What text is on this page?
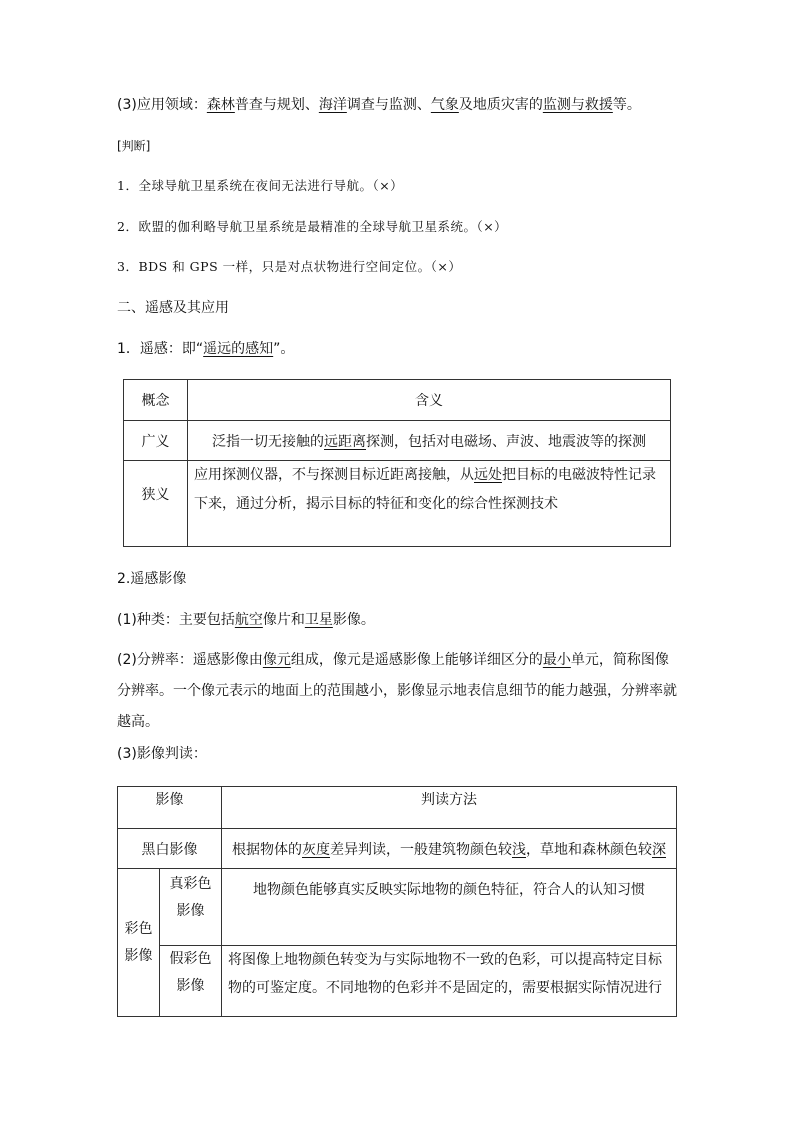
(3)应用领域：森林普查与规划、海洋调查与监测、气象及地质灾害的监测与救援等。
[判断]
1．全球导航卫星系统在夜间无法进行导航。（×）
2．欧盟的伽利略导航卫星系统是最精准的全球导航卫星系统。（×）
3．BDS 和 GPS 一样，只是对点状物进行空间定位。（×）
二、遥感及其应用
1．遥感：即“遥远的感知”。
概念	含义
广义	泛指一切无接触的远距离探测，包括对电磁场、声波、地震波等的探测
狭义	应用探测仪器，不与探测目标近距离接触，从远处把目标的电磁波特性记录下来，通过分析，揭示目标的特征和变化的综合性探测技术
2.遥感影像
(1)种类：主要包括航空像片和卫星影像。
(2)分辨率：遥感影像由像元组成，像元是遥感影像上能够详细区分的最小单元，简称图像分辨率。一个像元表示的地面上的范围越小，影像显示地表信息细节的能力越强，分辨率就越高。
(3)影像判读：
影像		判读方法
黑白影像		根据物体的灰度差异判读，一般建筑物颜色较浅，草地和森林颜色较深
彩色影像	真彩色影像	地物颜色能够真实反映实际地物的颜色特征，符合人的认知习惯
	假彩色影像	将图像上地物颜色转变为与实际地物不一致的色彩，可以提高特定目标物的可鉴定度。不同地物的色彩并不是固定的，需要根据实际情况进行
